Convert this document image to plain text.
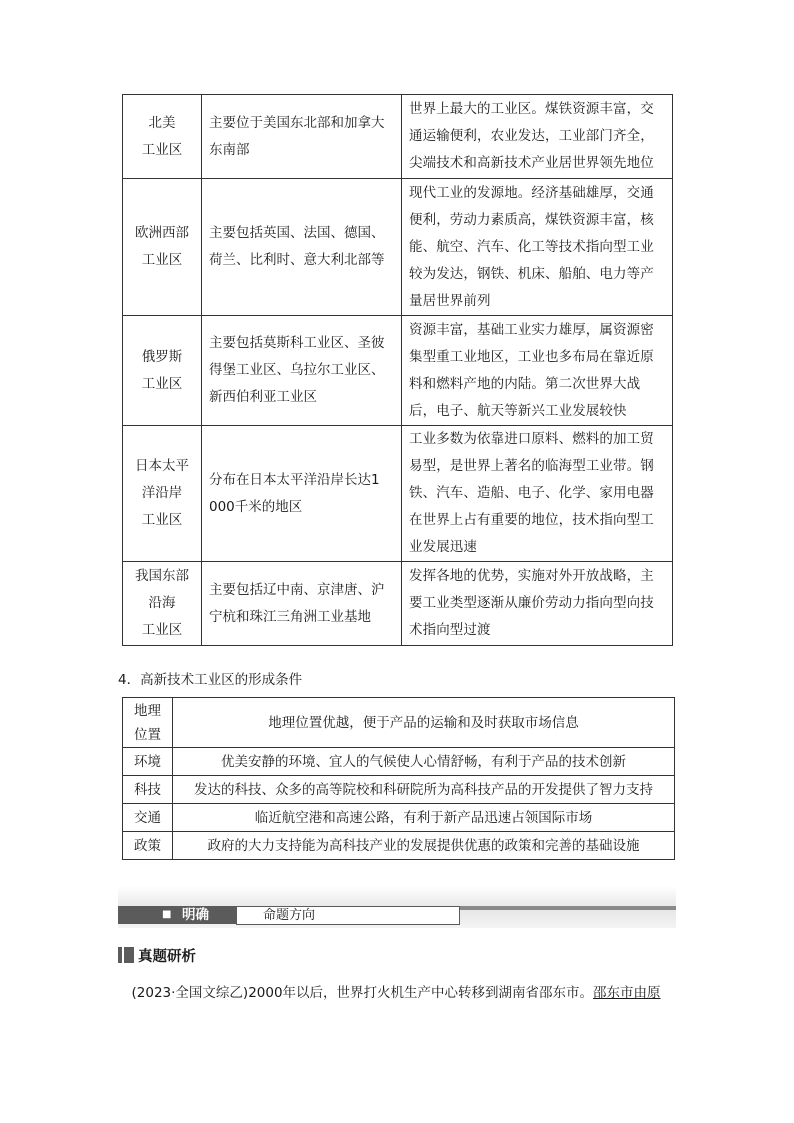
北美
工业区	主要位于美国东北部和加拿大东南部	世界上最大的工业区。煤铁资源丰富，交通运输便利，农业发达，工业部门齐全，尖端技术和高新技术产业居世界领先地位

欧洲西部
工业区	主要包括英国、法国、德国、荷兰、比利时、意大利北部等	现代工业的发源地。经济基础雄厚，交通便利，劳动力素质高，煤铁资源丰富，核能、航空、汽车、化工等技术指向型工业较为发达，钢铁、机床、船舶、电力等产量居世界前列

俄罗斯
工业区	主要包括莫斯科工业区、圣彼得堡工业区、乌拉尔工业区、新西伯利亚工业区	资源丰富，基础工业实力雄厚，属资源密集型重工业地区，工业也多布局在靠近原料和燃料产地的内陆。第二次世界大战后，电子、航天等新兴工业发展较快

日本太平
洋沿岸
工业区	分布在日本太平洋沿岸长达1 000千米的地区	工业多数为依靠进口原料、燃料的加工贸易型，是世界上著名的临海型工业带。钢铁、汽车、造船、电子、化学、家用电器在世界上占有重要的地位，技术指向型工业发展迅速

我国东部
沿海
工业区	主要包括辽中南、京津唐、沪宁杭和珠江三角洲工业基地	发挥各地的优势，实施对外开放战略，主要工业类型逐渐从廉价劳动力指向型向技术指向型过渡
4．高新技术工业区的形成条件
地理
位置	地理位置优越，便于产品的运输和及时获取市场信息
环境	优美安静的环境、宜人的气候使人心情舒畅，有利于产品的技术创新
科技	发达的科技、众多的高等院校和科研院所为高科技产品的开发提供了智力支持
交通	临近航空港和高速公路，有利于新产品迅速占领国际市场
政策	政府的大力支持能为高科技产业的发展提供优惠的政策和完善的基础设施
■ 明确	命题方向
真题研析
 (2023·全国文综乙)2000年以后，世界打火机生产中心转移到湖南省邵东市。邵东市由原
